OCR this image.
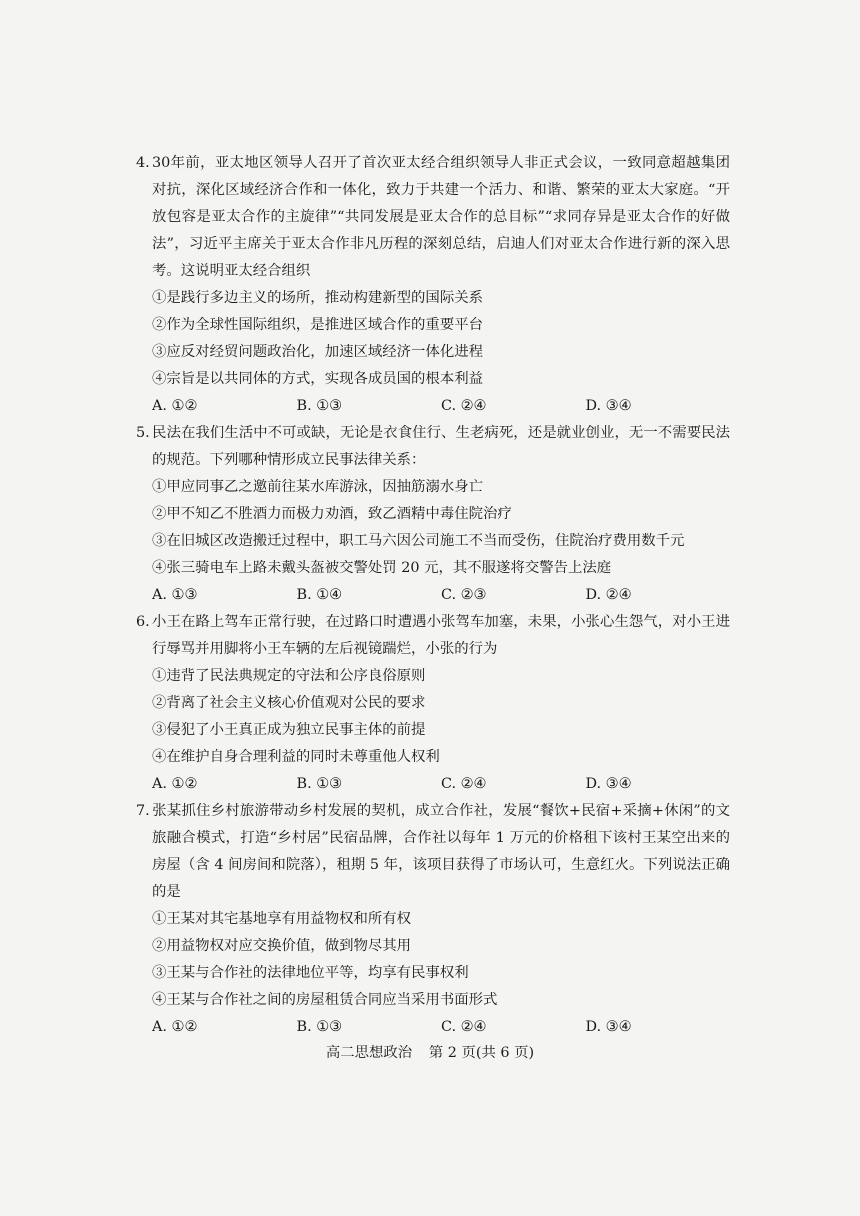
4. 30年前，亚太地区领导人召开了首次亚太经合组织领导人非正式会议，一致同意超越集团对抗，深化区域经济合作和一体化，致力于共建一个活力、和谐、繁荣的亚太大家庭。“开放包容是亚太合作的主旋律”“共同发展是亚太合作的总目标”“求同存异是亚太合作的好做法”，习近平主席关于亚太合作非凡历程的深刻总结，启迪人们对亚太合作进行新的深入思考。这说明亚太经合组织

①是践行多边主义的场所，推动构建新型的国际关系

②作为全球性国际组织，是推进区域合作的重要平台

③应反对经贸问题政治化，加速区域经济一体化进程

④宗旨是以共同体的方式，实现各成员国的根本利益

A. ①②	B. ①③	C. ②④	D. ③④

5. 民法在我们生活中不可或缺，无论是衣食住行、生老病死，还是就业创业，无一不需要民法的规范。下列哪种情形成立民事法律关系：

①甲应同事乙之邀前往某水库游泳，因抽筋溺水身亡

②甲不知乙不胜酒力而极力劝酒，致乙酒精中毒住院治疗

③在旧城区改造搬迁过程中，职工马六因公司施工不当而受伤，住院治疗费用数千元

④张三骑电车上路未戴头盔被交警处罚 20 元，其不服遂将交警告上法庭

A. ①③	B. ①④	C. ②③	D. ②④

6. 小王在路上驾车正常行驶，在过路口时遭遇小张驾车加塞，未果，小张心生怨气，对小王进行辱骂并用脚将小王车辆的左后视镜踹烂，小张的行为

①违背了民法典规定的守法和公序良俗原则

②背离了社会主义核心价值观对公民的要求

③侵犯了小王真正成为独立民事主体的前提

④在维护自身合理利益的同时未尊重他人权利

A. ①②	B. ①③	C. ②④	D. ③④

7. 张某抓住乡村旅游带动乡村发展的契机，成立合作社，发展“餐饮+民宿+采摘+休闲”的文旅融合模式，打造“乡村居”民宿品牌，合作社以每年 1 万元的价格租下该村王某空出来的房屋（含 4 间房间和院落），租期 5 年，该项目获得了市场认可，生意红火。下列说法正确的是

①王某对其宅基地享有用益物权和所有权

②用益物权对应交换价值，做到物尽其用

③王某与合作社的法律地位平等，均享有民事权利

④王某与合作社之间的房屋租赁合同应当采用书面形式

A. ①②	B. ①③	C. ②④	D. ③④
高二思想政治 第 2 页(共 6 页)
